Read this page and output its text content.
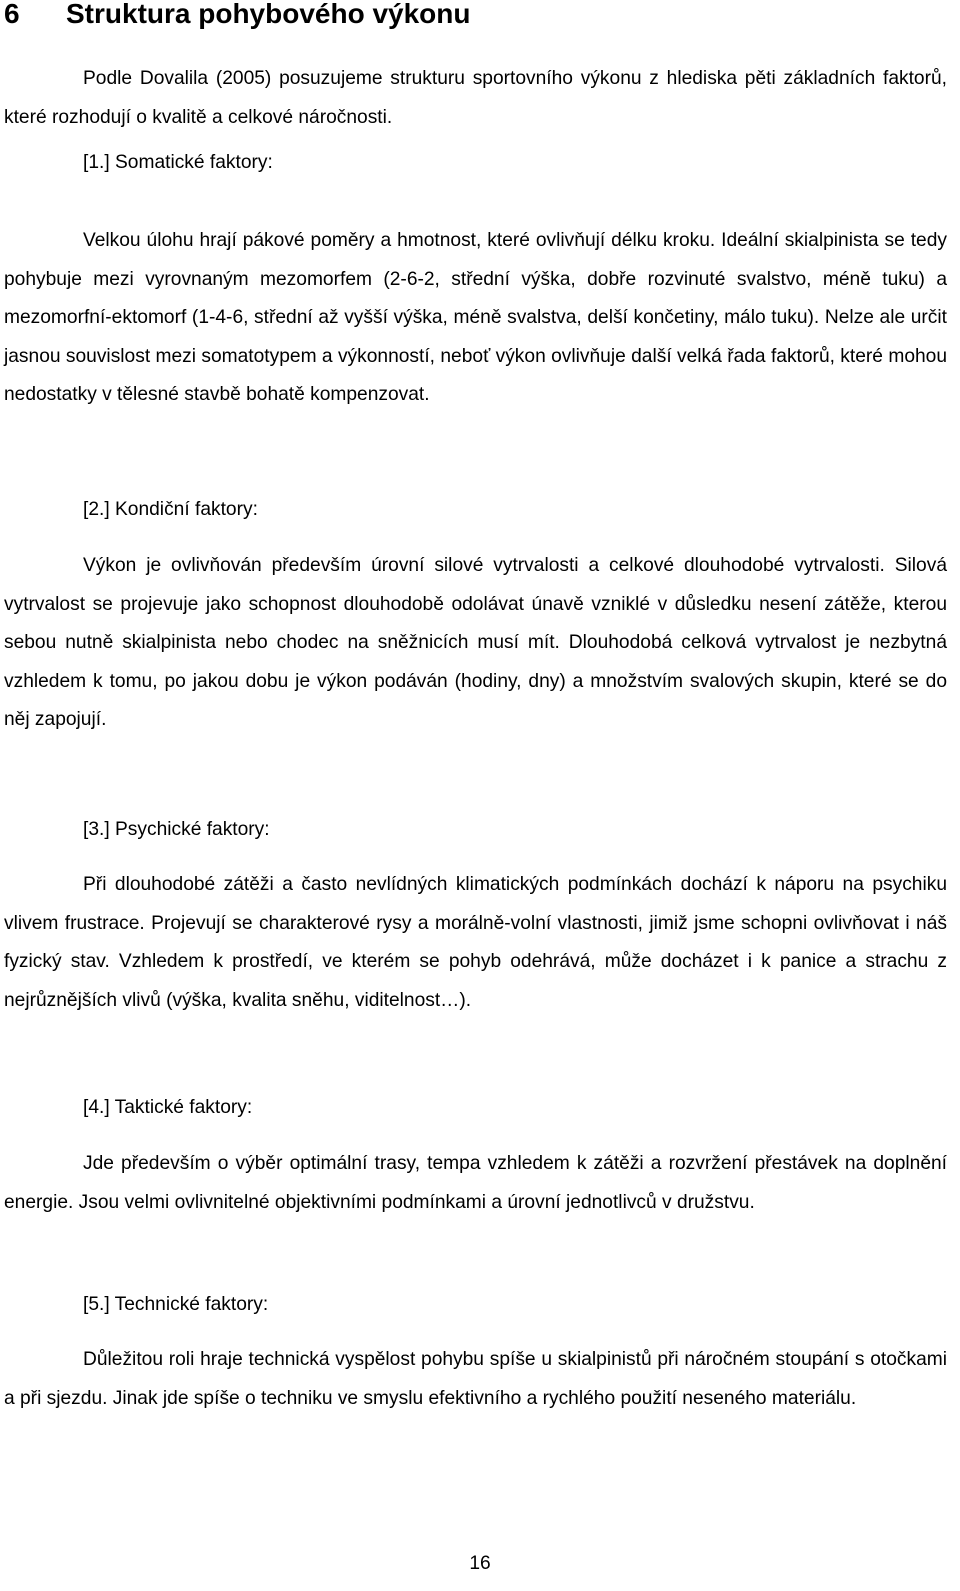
6 Struktura pohybového výkonu

Podle Dovalila (2005) posuzujeme strukturu sportovního výkonu z hlediska pěti základních faktorů, které rozhodují o kvalitě a celkové náročnosti.

[1.] Somatické faktory:

Velkou úlohu hrají pákové poměry a hmotnost, které ovlivňují délku kroku. Ideální skialpinista se tedy pohybuje mezi vyrovnaným mezomorfem (2-6-2, střední výška, dobře rozvinuté svalstvo, méně tuku) a mezomorfní-ektomorf (1-4-6, střední až vyšší výška, méně svalstva, delší končetiny, málo tuku). Nelze ale určit jasnou souvislost mezi somatotypem a výkonností, neboť výkon ovlivňuje další velká řada faktorů, které mohou nedostatky v tělesné stavbě bohatě kompenzovat.

[2.] Kondiční faktory:

Výkon je ovlivňován především úrovní silové vytrvalosti a celkové dlouhodobé vytrvalosti. Silová vytrvalost se projevuje jako schopnost dlouhodobě odolávat únavě vzniklé v důsledku nesení zátěže, kterou sebou nutně skialpinista nebo chodec na sněžnicích musí mít. Dlouhodobá celková vytrvalost je nezbytná vzhledem k tomu, po jakou dobu je výkon podáván (hodiny, dny) a množstvím svalových skupin, které se do něj zapojují.

[3.] Psychické faktory:

Při dlouhodobé zátěži a často nevlídných klimatických podmínkách dochází k náporu na psychiku vlivem frustrace. Projevují se charakterové rysy a morálně-volní vlastnosti, jimiž jsme schopni ovlivňovat i náš fyzický stav. Vzhledem k prostředí, ve kterém se pohyb odehrává, může docházet i k panice a strachu z nejrůznějších vlivů (výška, kvalita sněhu, viditelnost…).

[4.] Taktické faktory:

Jde především o výběr optimální trasy, tempa vzhledem k zátěži a rozvržení přestávek na doplnění energie. Jsou velmi ovlivnitelné objektivními podmínkami a úrovní jednotlivců v družstvu.

[5.] Technické faktory:

Důležitou roli hraje technická vyspělost pohybu spíše u skialpinistů při náročném stoupání s otočkami a při sjezdu. Jinak jde spíše o techniku ve smyslu efektivního a rychlého použití neseného materiálu.

16
